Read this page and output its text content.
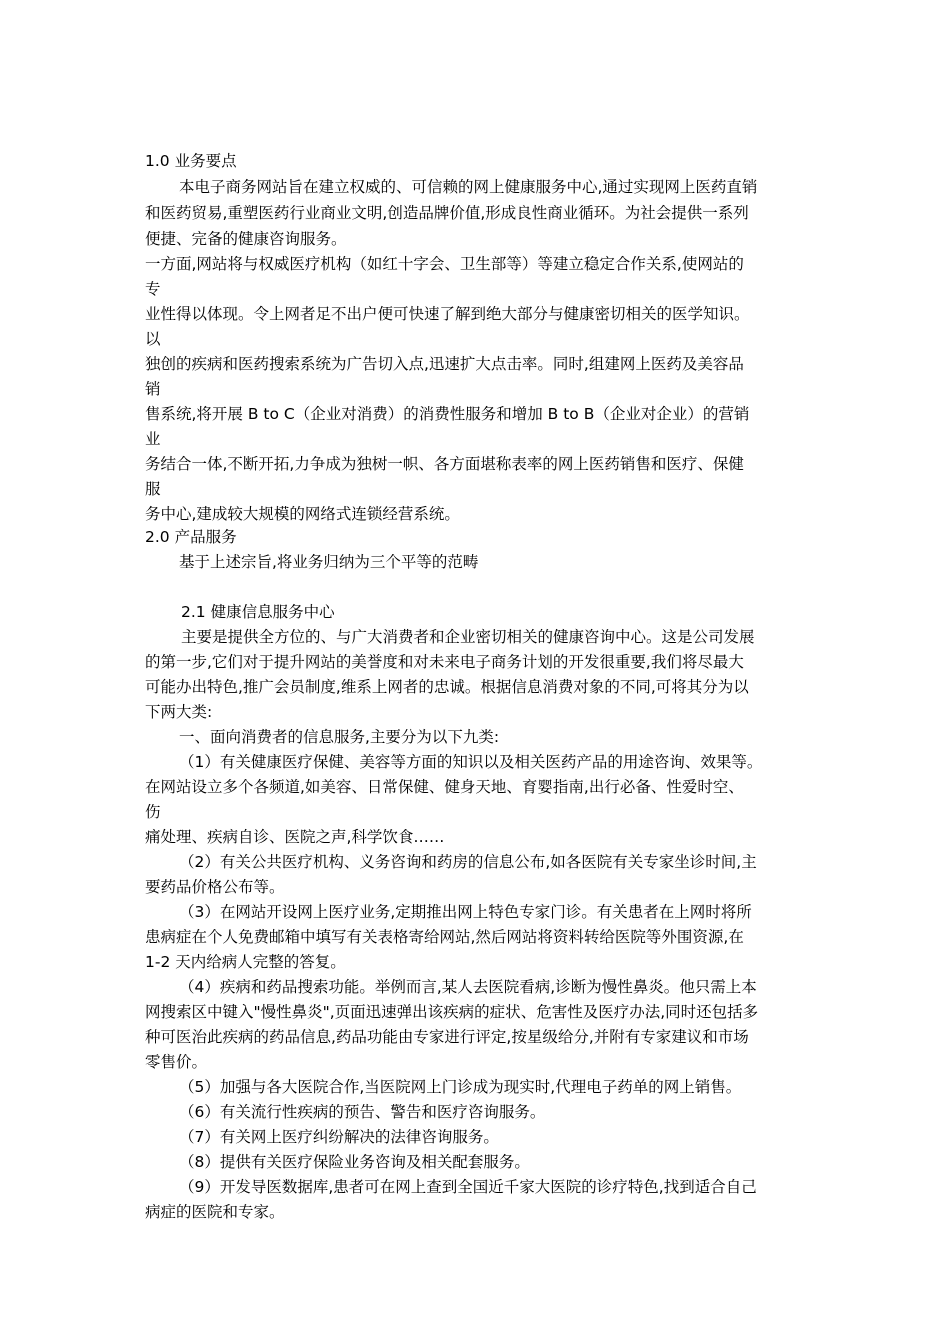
1.0 业务要点
本电子商务网站旨在建立权威的、可信赖的网上健康服务中心,通过实现网上医药直销
和医药贸易,重塑医药行业商业文明,创造品牌价值,形成良性商业循环。为社会提供一系列
便捷、完备的健康咨询服务。
一方面,网站将与权威医疗机构（如红十字会、卫生部等）等建立稳定合作关系,使网站的
专
业性得以体现。令上网者足不出户便可快速了解到绝大部分与健康密切相关的医学知识。
以
独创的疾病和医药搜索系统为广告切入点,迅速扩大点击率。同时,组建网上医药及美容品
销
售系统,将开展 B to C（企业对消费）的消费性服务和增加 B to B（企业对企业）的营销
业
务结合一体,不断开拓,力争成为独树一帜、各方面堪称表率的网上医药销售和医疗、保健
服
务中心,建成较大规模的网络式连锁经营系统。
2.0 产品服务
基于上述宗旨,将业务归纳为三个平等的范畴
2.1 健康信息服务中心
主要是提供全方位的、与广大消费者和企业密切相关的健康咨询中心。这是公司发展
的第一步,它们对于提升网站的美誉度和对未来电子商务计划的开发很重要,我们将尽最大
可能办出特色,推广会员制度,维系上网者的忠诚。根据信息消费对象的不同,可将其分为以
下两大类:
一、面向消费者的信息服务,主要分为以下九类:
（1）有关健康医疗保健、美容等方面的知识以及相关医药产品的用途咨询、效果等。
在网站设立多个各频道,如美容、日常保健、健身天地、育婴指南,出行必备、性爱时空、
伤
痛处理、疾病自诊、医院之声,科学饮食……
（2）有关公共医疗机构、义务咨询和药房的信息公布,如各医院有关专家坐诊时间,主
要药品价格公布等。
（3）在网站开设网上医疗业务,定期推出网上特色专家门诊。有关患者在上网时将所
患病症在个人免费邮箱中填写有关表格寄给网站,然后网站将资料转给医院等外围资源,在
1-2 天内给病人完整的答复。
（4）疾病和药品搜索功能。举例而言,某人去医院看病,诊断为慢性鼻炎。他只需上本
网搜索区中键入"慢性鼻炎",页面迅速弹出该疾病的症状、危害性及医疗办法,同时还包括多
种可医治此疾病的药品信息,药品功能由专家进行评定,按星级给分,并附有专家建议和市场
零售价。
（5）加强与各大医院合作,当医院网上门诊成为现实时,代理电子药单的网上销售。
（6）有关流行性疾病的预告、警告和医疗咨询服务。
（7）有关网上医疗纠纷解决的法律咨询服务。
（8）提供有关医疗保险业务咨询及相关配套服务。
（9）开发导医数据库,患者可在网上查到全国近千家大医院的诊疗特色,找到适合自己
病症的医院和专家。
